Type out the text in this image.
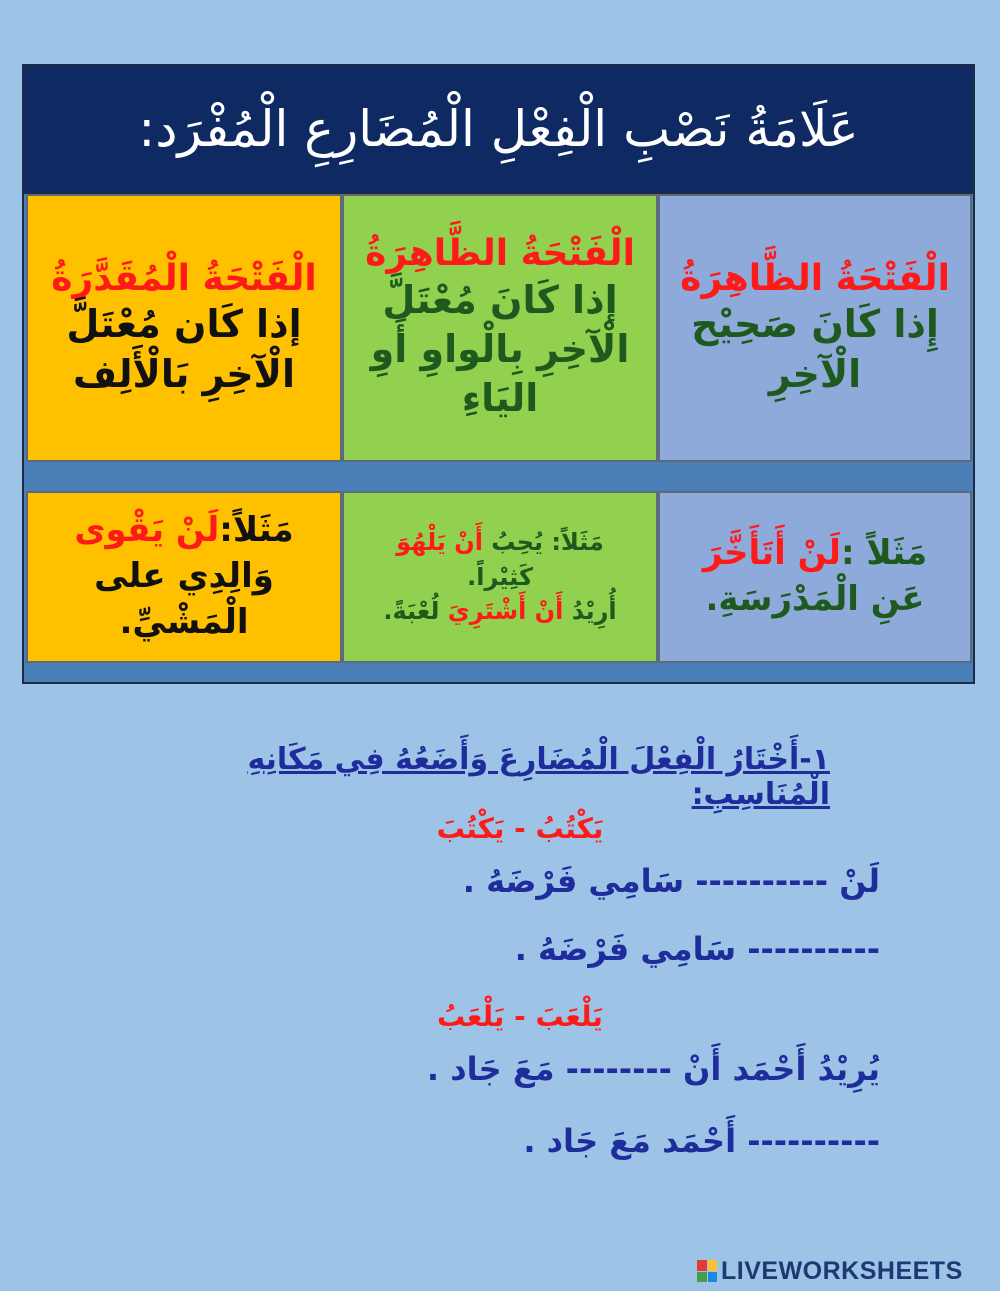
عَلَامَةُ نَصْبِ الْفِعْلِ الْمُضَارِعِ الْمُفْرَد:
الْفَتْحَةُ الظَّاهِرَةُ
إِذا كَانَ صَحِيْح
الْآخِرِ
الْفَتْحَةُ الظَّاهِرَةُ
إذا كَانَ مُعْتَلَّ
الْآخِرِ بِالْواوِ أَوِ
اليَاءِ
الْفَتْحَةُ الْمُقَدَّرَةُ
إذا كَان مُعْتَلَّ
الْآخِرِ بَالْأَلِف
مَثَلاً :لَنْ أَتَأَخَّرَ
عَنِ الْمَدْرَسَةِ.
مَثَلاً: يُحِبُ أَنْ يَلْهُوَ
كَثِيْراً.
أُرِيْدُ أَنْ أَشْتَرِيَ لُعْبَةً.
مَثَلاً:لَنْ يَقْوى
وَالِدِي على
الْمَشْيِّ.
١-أَخْتَارُ الْفِعْلَ الْمُضَارِعَ وَأَضَعُهُ فِي مَكَانِهِ الْمُنَاسِبِ:
يَكْتُبُ - يَكْتُبَ
لَنْ ---------- سَامِي فَرْضَهُ .
---------- سَامِي فَرْضَهُ .
يَلْعَبَ - يَلْعَبُ
يُرِيْدُ أَحْمَد أَنْ -------- مَعَ جَاد .
---------- أَحْمَد مَعَ جَاد .
LIVEWORKSHEETS
